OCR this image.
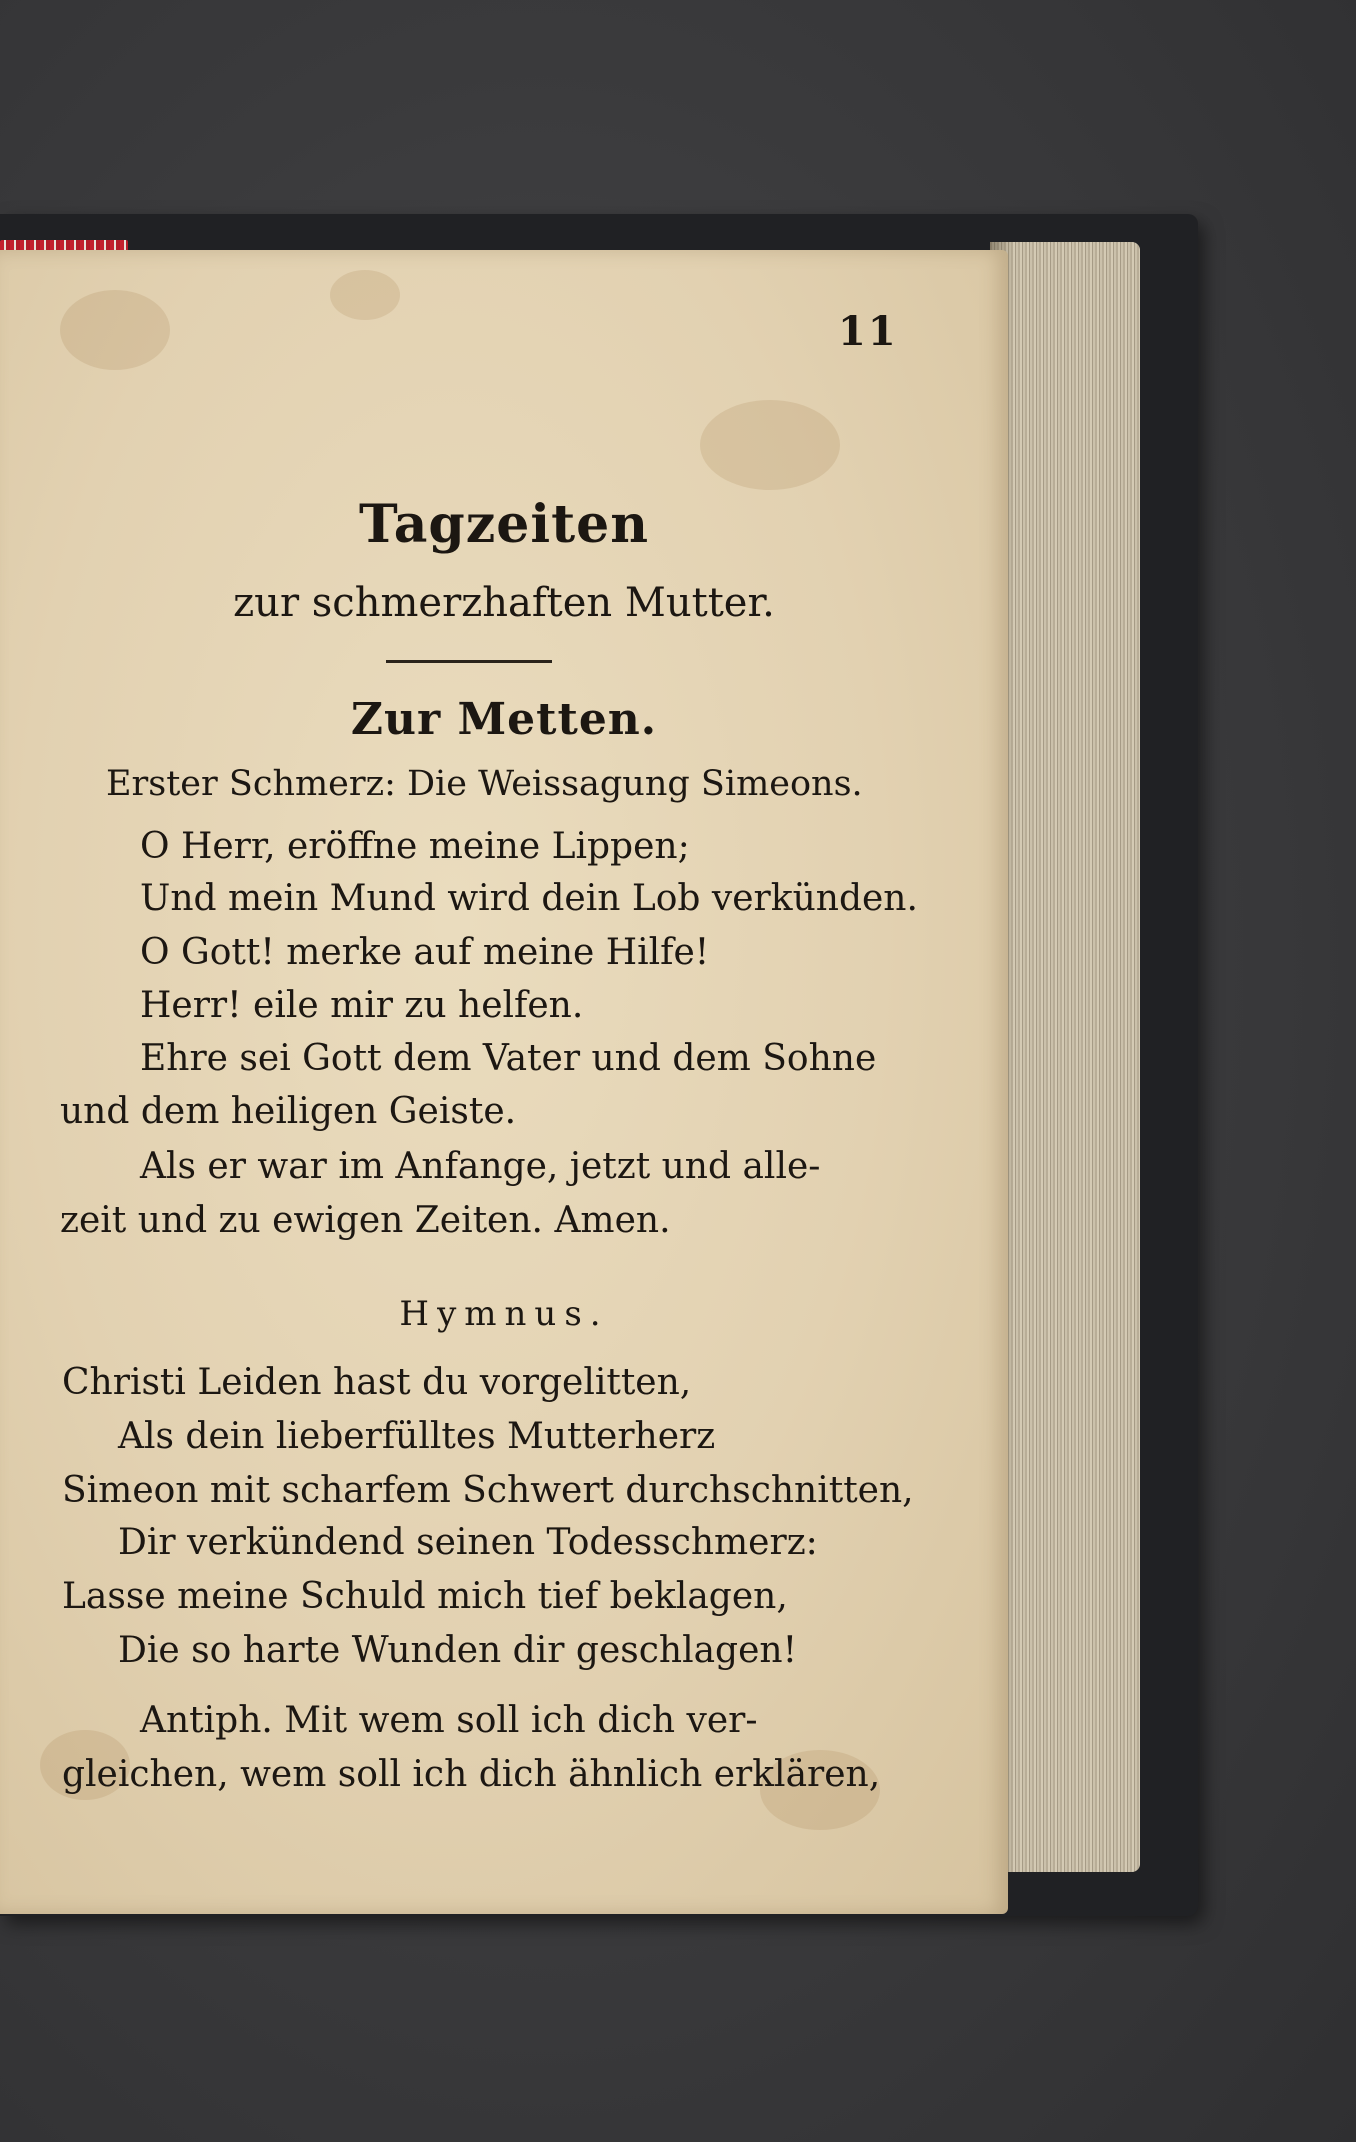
11
Tagzeiten
zur schmerzhaften Mutter.
Zur Metten.
Erster Schmerz: Die Weissagung Simeons.
O Herr, eröffne meine Lippen;
Und mein Mund wird dein Lob verkünden.
O Gott! merke auf meine Hilfe!
Herr! eile mir zu helfen.
Ehre sei Gott dem Vater und dem Sohne
und dem heiligen Geiste.
Als er war im Anfange, jetzt und alle-
zeit und zu ewigen Zeiten. Amen.
Hymnus.
Christi Leiden hast du vorgelitten,
Als dein lieberfülltes Mutterherz
Simeon mit scharfem Schwert durchschnitten,
Dir verkündend seinen Todesschmerz:
Lasse meine Schuld mich tief beklagen,
Die so harte Wunden dir geschlagen!
Antiph. Mit wem soll ich dich ver-
gleichen, wem soll ich dich ähnlich erklären,
